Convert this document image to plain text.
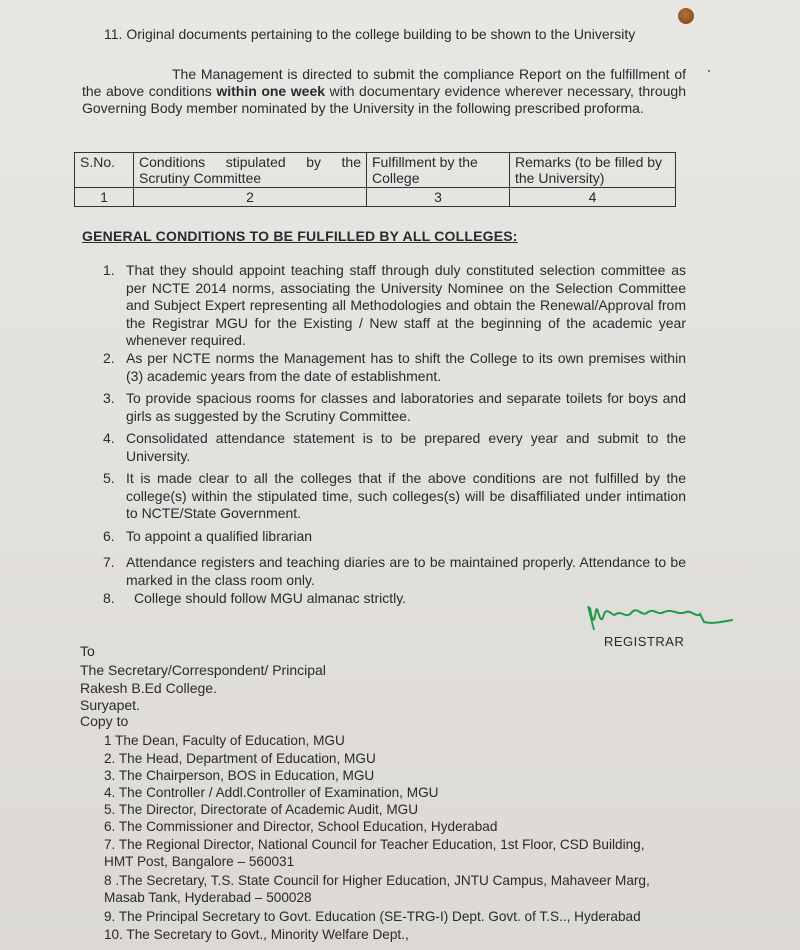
11. Original documents pertaining to the college building to be shown to the University
The Management is directed to submit the compliance Report on the fulfillment of the above conditions within one week with documentary evidence wherever necessary, through Governing Body member nominated by the University in the following prescribed proforma.
S.No.	Conditions stipulated by the Scrutiny Committee	Fulfillment by the College	Remarks (to be filled by the University)
1	2	3	4
GENERAL CONDITIONS TO BE FULFILLED BY ALL COLLEGES:
1. That they should appoint teaching staff through duly constituted selection committee as per NCTE 2014 norms, associating the University Nominee on the Selection Committee and Subject Expert representing all Methodologies and obtain the Renewal/Approval from the Registrar MGU for the Existing / New staff at the beginning of the academic year whenever required.
2. As per NCTE norms the Management has to shift the College to its own premises within (3) academic years from the date of establishment.
3. To provide spacious rooms for classes and laboratories and separate toilets for boys and girls as suggested by the Scrutiny Committee.
4. Consolidated attendance statement is to be prepared every year and submit to the University.
5. It is made clear to all the colleges that if the above conditions are not fulfilled by the college(s) within the stipulated time, such colleges(s) will be disaffiliated under intimation to NCTE/State Government.
6. To appoint a qualified librarian
7. Attendance registers and teaching diaries are to be maintained properly. Attendance to be marked in the class room only.
8. College should follow MGU almanac strictly.
REGISTRAR
To
The Secretary/Correspondent/ Principal
Rakesh B.Ed College.
Suryapet.
Copy to
1 The Dean, Faculty of Education, MGU
2. The Head, Department of Education, MGU
3. The Chairperson, BOS in Education, MGU
4. The Controller / Addl.Controller of Examination, MGU
5. The Director, Directorate of Academic Audit, MGU
6. The Commissioner and Director, School Education, Hyderabad
7. The Regional Director, National Council for Teacher Education, 1st Floor, CSD Building,
HMT Post, Bangalore – 560031
8 .The Secretary, T.S. State Council for Higher Education, JNTU Campus, Mahaveer Marg,
Masab Tank, Hyderabad – 500028
9. The Principal Secretary to Govt. Education (SE-TRG-I) Dept. Govt. of T.S.., Hyderabad
10. The Secretary to Govt., Minority Welfare Dept.,
